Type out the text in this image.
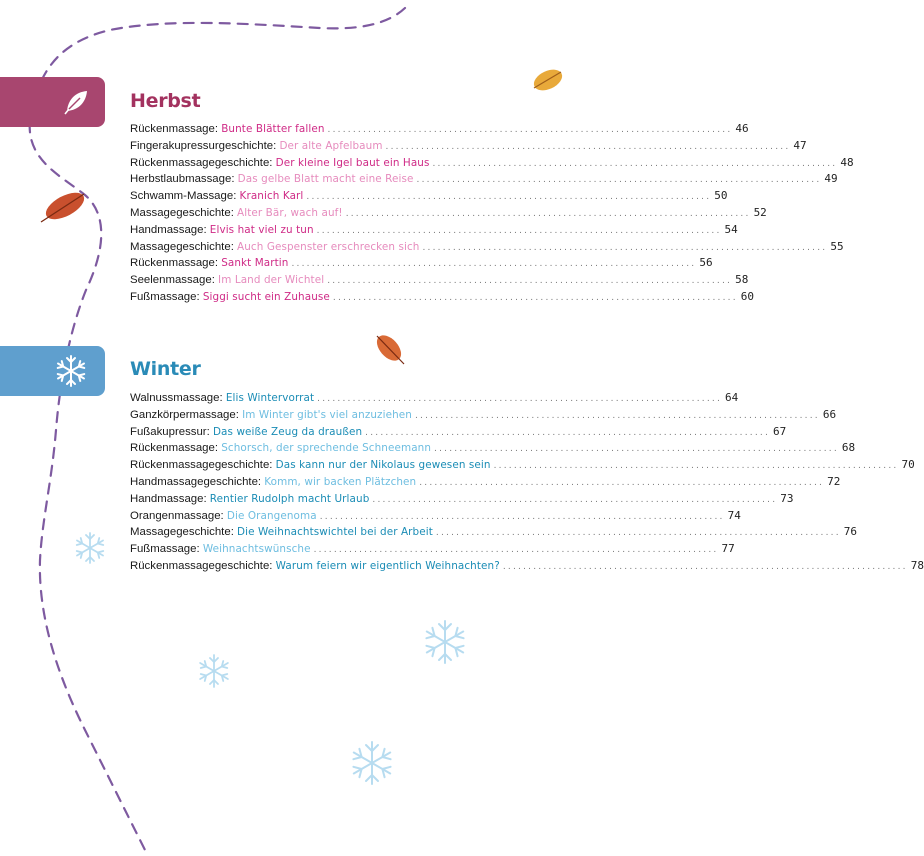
Herbst
Rückenmassage : Bunte Blätter fallen ................................................................................ 46
Fingerakupressurgeschichte : Der alte Apfelbaum ................................................................................ 47
Rückenmassagegeschichte : Der kleine Igel baut ein Haus ................................................................................ 48
Herbstlaubmassage : Das gelbe Blatt macht eine Reise ................................................................................ 49
Schwamm-Massage : Kranich Karl ................................................................................ 50
Massagegeschichte : Alter Bär, wach auf! ................................................................................ 52
Handmassage : Elvis hat viel zu tun ................................................................................ 54
Massagegeschichte : Auch Gespenster erschrecken sich ................................................................................ 55
Rückenmassage : Sankt Martin ................................................................................ 56
Seelenmassage : Im Land der Wichtel ................................................................................ 58
Fußmassage : Siggi sucht ein Zuhause ................................................................................ 60
Winter
Walnussmassage : Elis Wintervorrat ................................................................................ 64
Ganzkörpermassage : Im Winter gibt's viel anzuziehen ................................................................................ 66
Fußakupressur : Das weiße Zeug da draußen ................................................................................ 67
Rückenmassage : Schorsch, der sprechende Schneemann ................................................................................ 68
Rückenmassagegeschichte : Das kann nur der Nikolaus gewesen sein ................................................................................ 70
Handmassagegeschichte : Komm, wir backen Plätzchen ................................................................................ 72
Handmassage : Rentier Rudolph macht Urlaub ................................................................................ 73
Orangenmassage : Die Orangenoma ................................................................................ 74
Massagegeschichte : Die Weihnachtswichtel bei der Arbeit ................................................................................ 76
Fußmassage : Weihnachtswünsche ................................................................................ 77
Rückenmassagegeschichte : Warum feiern wir eigentlich Weihnachten? ................................................................................ 78
